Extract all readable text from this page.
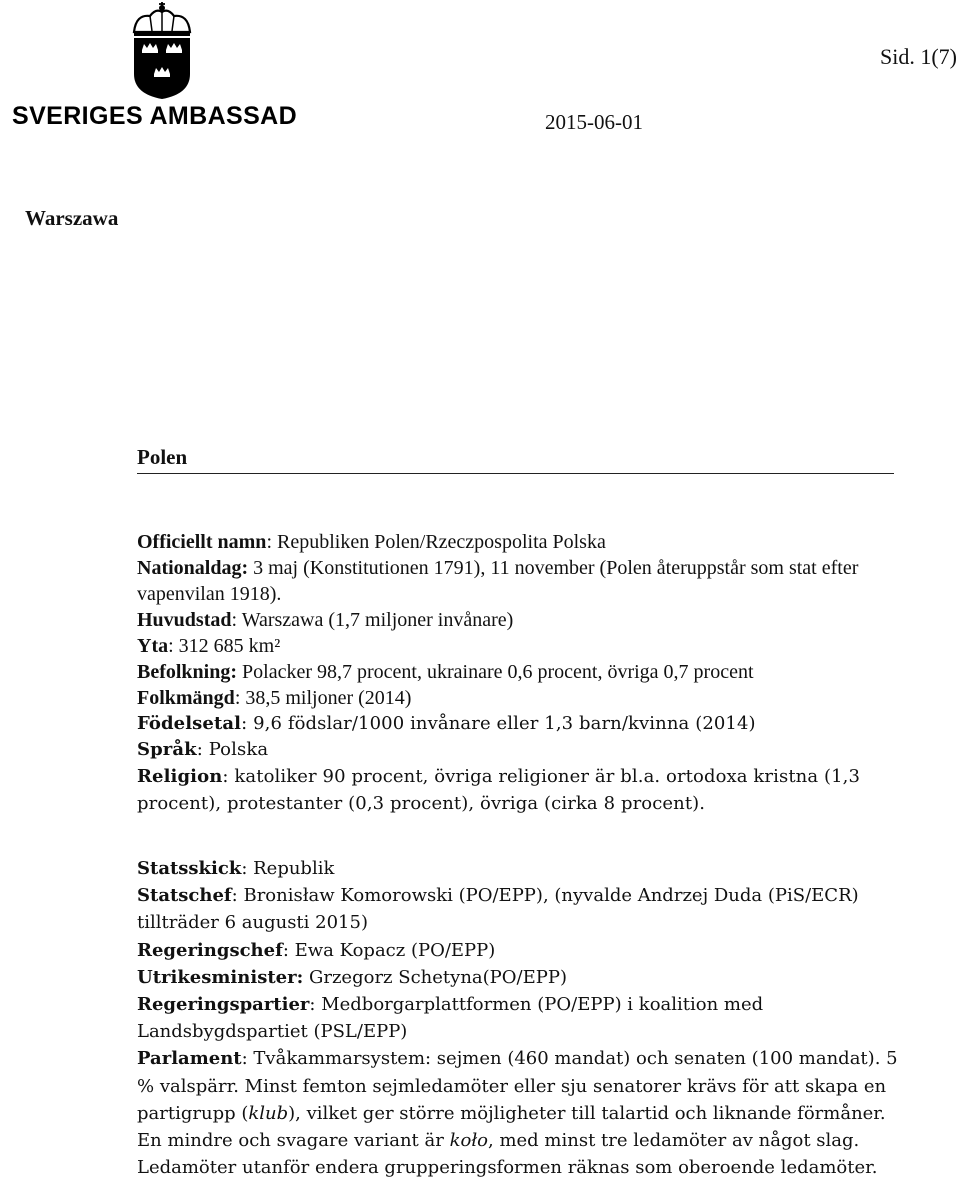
SVERIGES AMBASSAD
Sid. 1(7)
2015-06-01
Warszawa
Polen

Officiellt namn: Republiken Polen/Rzeczpospolita Polska

Nationaldag: 3 maj (Konstitutionen 1791), 11 november (Polen återuppstår som stat efter vapenvilan 1918).

Huvudstad: Warszawa (1,7 miljoner invånare)

Yta: 312 685 km²

Befolkning: Polacker 98,7 procent, ukrainare 0,6 procent, övriga 0,7 procent

Folkmängd: 38,5 miljoner (2014)

Födelsetal: 9,6 födslar/1000 invånare eller 1,3 barn/kvinna (2014)

Språk: Polska

Religion: katoliker 90 procent, övriga religioner är bl.a. ortodoxa kristna (1,3 procent), protestanter (0,3 procent), övriga (cirka 8 procent).

Statsskick: Republik

Statschef: Bronisław Komorowski (PO/EPP), (nyvalde Andrzej Duda (PiS/ECR) tillträder 6 augusti 2015)

Regeringschef: Ewa Kopacz (PO/EPP)

Utrikesminister: Grzegorz Schetyna(PO/EPP)

Regeringspartier: Medborgarplattformen (PO/EPP) i koalition med Landsbygdspartiet (PSL/EPP)

Parlament: Tvåkammarsystem: sejmen (460 mandat) och senaten (100 mandat). 5 % valspärr. Minst femton sejmledamöter eller sju senatorer krävs för att skapa en partigrupp (klub), vilket ger större möjligheter till talartid och liknande förmåner. En mindre och svagare variant är koło, med minst tre ledamöter av något slag. Ledamöter utanför endera grupperingsformen räknas som oberoende ledamöter.
